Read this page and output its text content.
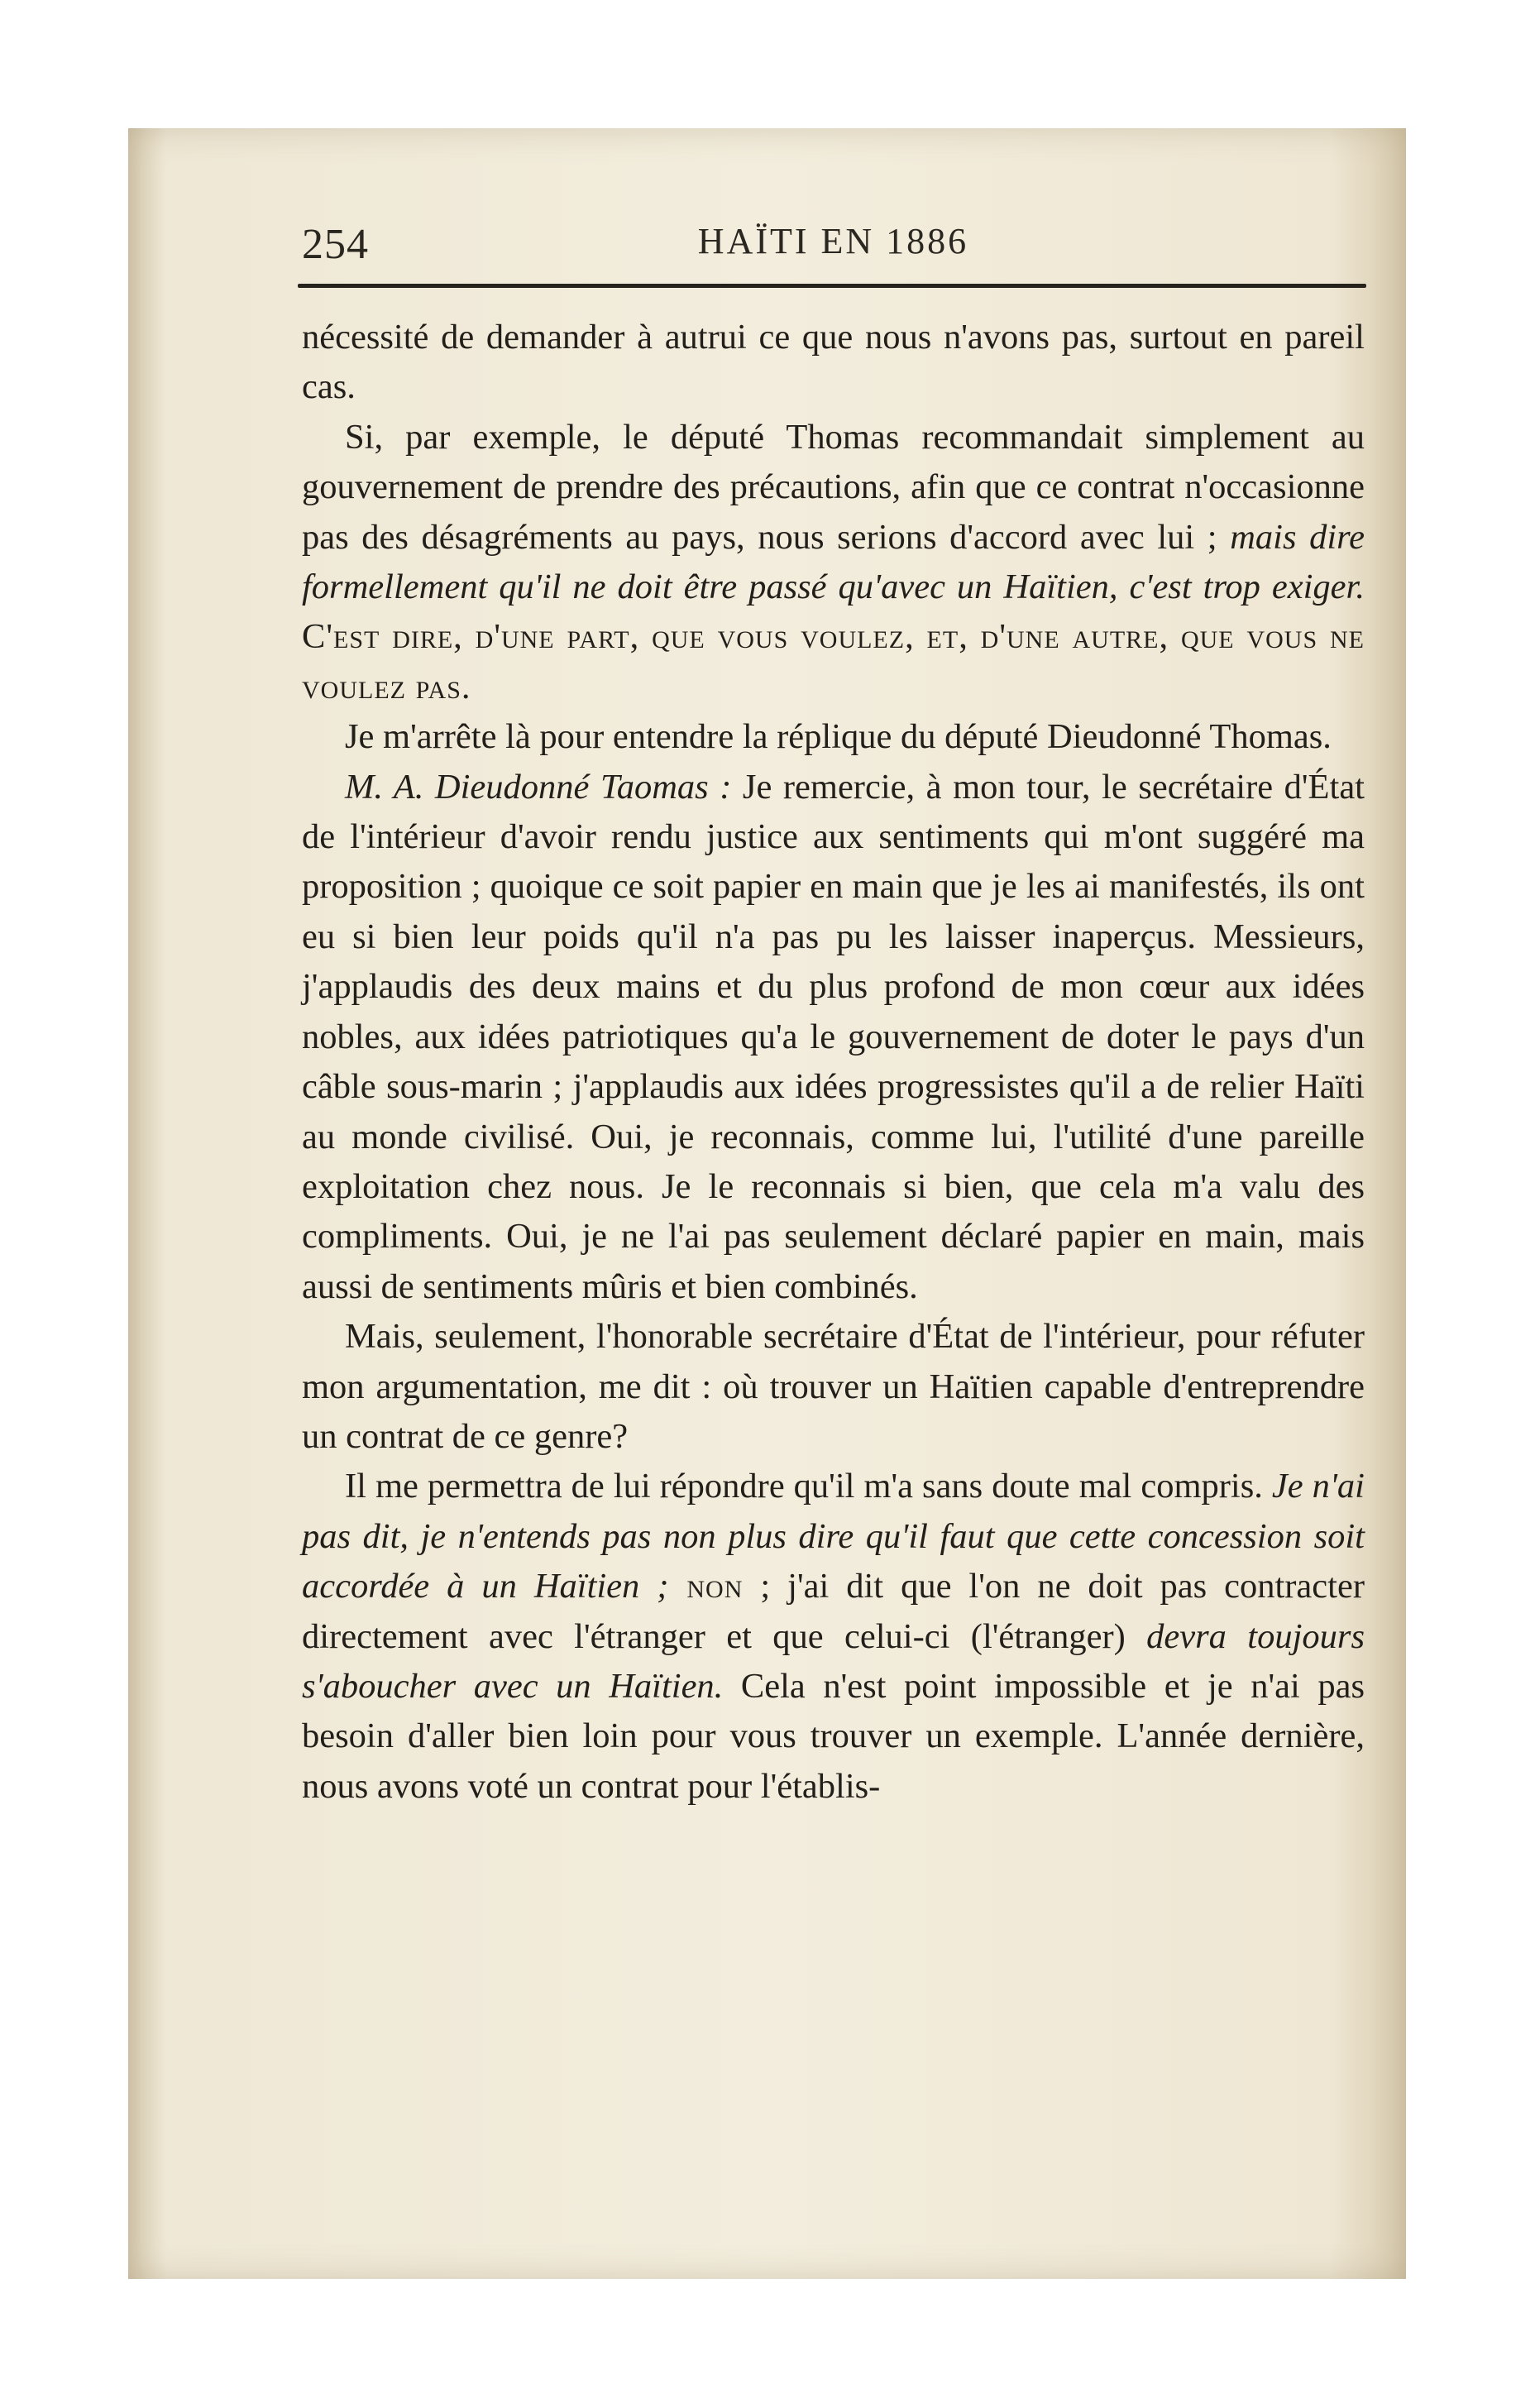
254	HAÏTI EN 1886

nécessité de demander à autrui ce que nous n'avons pas, surtout en pareil cas.

Si, par exemple, le député Thomas recommandait simplement au gouvernement de prendre des précautions, afin que ce contrat n'occasionne pas des désagréments au pays, nous serions d'accord avec lui ; mais dire formellement qu'il ne doit être passé qu'avec un Haïtien, c'est trop exiger. C'est dire, d'une part, que vous voulez, et, d'une autre, que vous ne voulez pas.

Je m'arrête là pour entendre la réplique du député Dieudonné Thomas.

M. A. Dieudonné Taomas : Je remercie, à mon tour, le secrétaire d'État de l'intérieur d'avoir rendu justice aux sentiments qui m'ont suggéré ma proposition ; quoique ce soit papier en main que je les ai manifestés, ils ont eu si bien leur poids qu'il n'a pas pu les laisser inaperçus. Messieurs, j'applaudis des deux mains et du plus profond de mon cœur aux idées nobles, aux idées patriotiques qu'a le gouvernement de doter le pays d'un câble sous-marin ; j'applaudis aux idées progressistes qu'il a de relier Haïti au monde civilisé. Oui, je reconnais, comme lui, l'utilité d'une pareille exploitation chez nous. Je le reconnais si bien, que cela m'a valu des compliments. Oui, je ne l'ai pas seulement déclaré papier en main, mais aussi de sentiments mûris et bien combinés.

Mais, seulement, l'honorable secrétaire d'État de l'intérieur, pour réfuter mon argumentation, me dit : où trouver un Haïtien capable d'entreprendre un contrat de ce genre?

Il me permettra de lui répondre qu'il m'a sans doute mal compris. Je n'ai pas dit, je n'entends pas non plus dire qu'il faut que cette concession soit accordée à un Haïtien ; non ; j'ai dit que l'on ne doit pas contracter directement avec l'étranger et que celui-ci (l'étranger) devra toujours s'aboucher avec un Haïtien. Cela n'est point impossible et je n'ai pas besoin d'aller bien loin pour vous trouver un exemple. L'année dernière, nous avons voté un contrat pour l'établis-
